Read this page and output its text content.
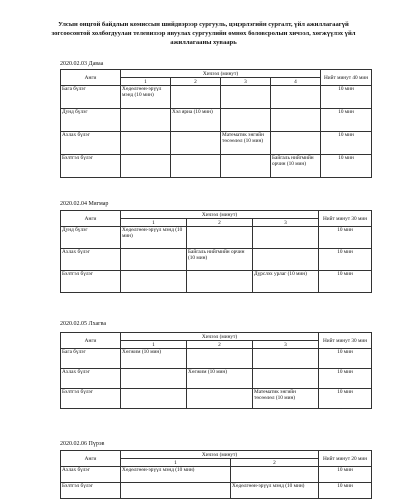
Улсын онцгой байдлын комиссын шийдвэрээр сургууль, цэцэрлэгийн сургалт, үйл ажиллагаагүй зогсоосонтой холбогдуулан телевизээр явуулах сургуулийн өмнөх боловсролын хичээл, хөгжүүлэх үйл ажиллагааны хуваарь
2020.02.03 Даваа
Анги	Хичээл (минут)				Нийт минут 40 мин
	1	2	3	4	
Бага бүлэг	Хөдөлгөөн-эрүүл мэнд (10 мин)				10 мин
Дунд бүлэг		Хэл яриа (10 мин)			10 мин
Ахлах бүлэг			Математик энгийн төсөөлөл (10 мин)		10 мин
Бэлтгэл бүлэг				Байгаль нийгмийн орчин (10 мин)	10 мин
2020.02.04 Мягмар
Анги	Хичээл (минут)			Нийт минут 30 мин
	1	2	3	
Дунд бүлэг	Хөдөлгөөн-эрүүл мэнд (10 мин)			10 мин
Ахлах бүлэг		Байгаль нийгмийн орчин (10 мин)		10 мин
Бэлтгэл бүлэг			Дүрслэх урлаг (10 мин)	10 мин
2020.02.05 Лхагва
Анги	Хичээл (минут)			Нийт минут 30 мин
	1	2	3	
Бага бүлэг	Хөгжим (10 мин)			10 мин
Ахлах бүлэг		Хөгжим (10 мин)		10 мин
Бэлтгэл бүлэг			Математик энгийн төсөөлөл (10 мин)	10 мин
2020.02.06 Пүрэв
Анги	Хичээл (минут)		Нийт минут 20 мин
	1	2	
Ахлах бүлэг	Хөдөлгөөн-эрүүл мэнд (10 мин)		10 мин
Бэлтгэл бүлэг		Хөдөлгөөн-эрүүл мэнд (10 мин)	10 мин
